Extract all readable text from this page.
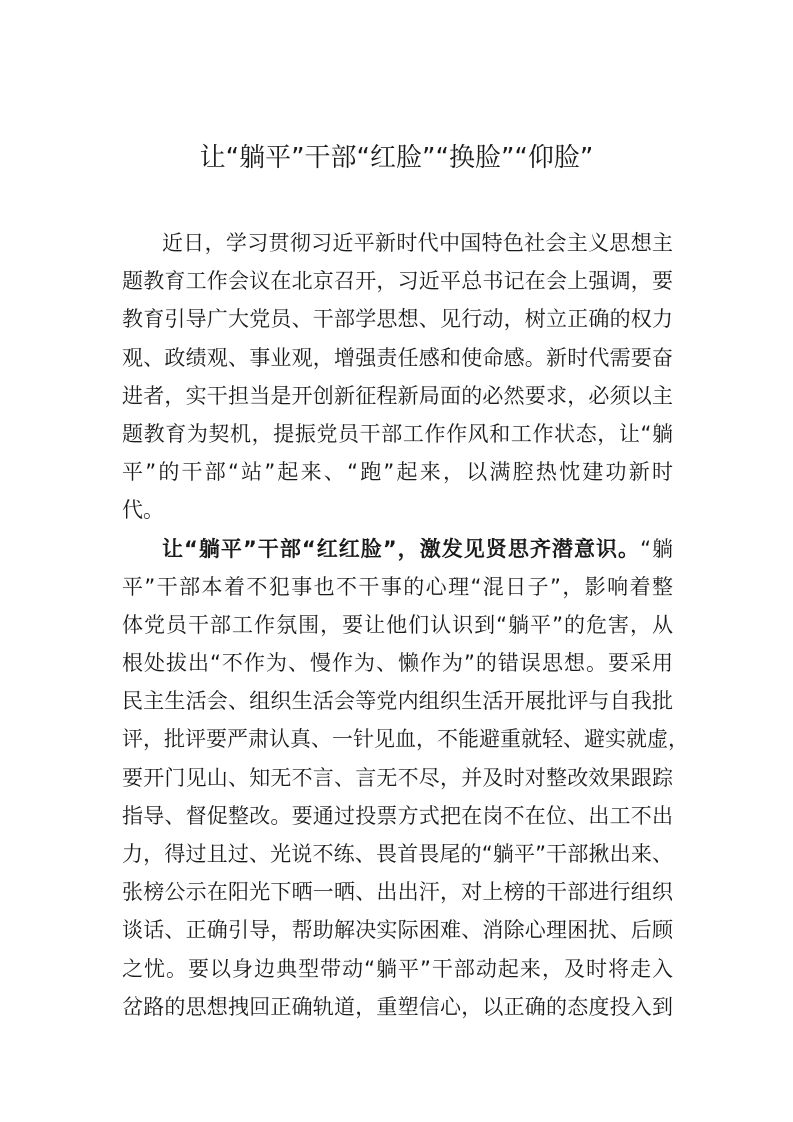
让“躺平”干部“红脸”“换脸”“仰脸”
近日，学习贯彻习近平新时代中国特色社会主义思想主
题教育工作会议在北京召开，习近平总书记在会上强调，要
教育引导广大党员、干部学思想、见行动，树立正确的权力
观、政绩观、事业观，增强责任感和使命感。新时代需要奋
进者，实干担当是开创新征程新局面的必然要求，必须以主
题教育为契机，提振党员干部工作作风和工作状态，让“躺
平”的干部“站”起来、“跑”起来，以满腔热忱建功新时
代。
让“躺平”干部“红红脸”，激发见贤思齐潜意识。“躺
平”干部本着不犯事也不干事的心理“混日子”，影响着整
体党员干部工作氛围，要让他们认识到“躺平”的危害，从
根处拔出“不作为、慢作为、懒作为”的错误思想。要采用
民主生活会、组织生活会等党内组织生活开展批评与自我批
评，批评要严肃认真、一针见血，不能避重就轻、避实就虚，
要开门见山、知无不言、言无不尽，并及时对整改效果跟踪
指导、督促整改。要通过投票方式把在岗不在位、出工不出
力，得过且过、光说不练、畏首畏尾的“躺平”干部揪出来、
张榜公示在阳光下晒一晒、出出汗，对上榜的干部进行组织
谈话、正确引导，帮助解决实际困难、消除心理困扰、后顾
之忧。要以身边典型带动“躺平”干部动起来，及时将走入
岔路的思想拽回正确轨道，重塑信心，以正确的态度投入到
